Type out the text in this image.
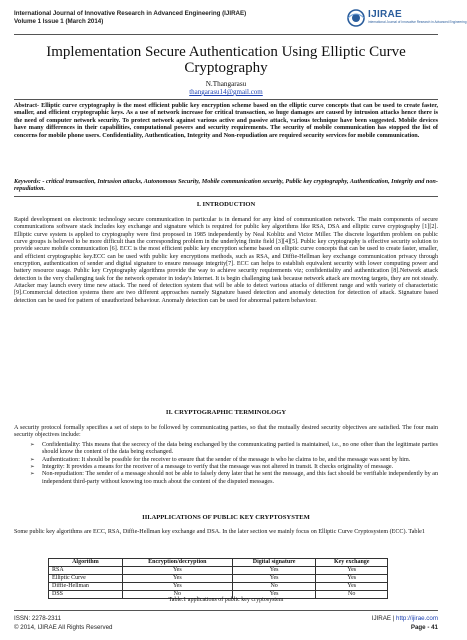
International Journal of Innovative Research in Advanced Engineering (IJIRAE)
Volume 1 Issue 1 (March 2014)
IJIRAE
International Journal of Innovative Research in Advanced Engineering
Implementation Secure Authentication Using Elliptic Curve Cryptography
N.Thangarasu
thangarasu14@gmail.com

Abstract- Elliptic curve cryptography is the most efficient public key encryption scheme based on the elliptic curve concepts that can be used to create faster, smaller, and efficient cryptographic keys. As a use of network increase for critical transaction, so huge damages are caused by intrusion attacks hence there is the need of computer network security. To protect network against various active and passive attack, various technique have been suggested. Mobile devices have many differences in their capabilities, computational powers and security requirements. The security of mobile communication has stopped the list of concerns for mobile phone users. Confidentiality, Authentication, Integrity and Non-repudiation are required security services for mobile communication.

Keywords: - critical transaction, Intrusion attacks, Autonomous Security, Mobile communication security, Public key cryptography, Authentication, Integrity and non-repudiation.

I. INTRODUCTION

Rapid development on electronic technology secure communication in particular is in demand for any kind of communication network. The main components of secure communications software stack includes key exchange and signature which is required for public key algorithms like RSA, DSA and elliptic curve cryptography [1][2]. Elliptic curve system is applied to cryptography were first proposed in 1985 independently by Neal Koblitz and Victor Miller. The discrete logarithm problem on public curve groups is believed to be more difficult than the corresponding problem in the underlying finite field [3][4][5]. Public key cryptography is effective security solution to provide secure mobile communication [6]. ECC is the most efficient public key encryption scheme based on elliptic curve concepts that can be used to create faster, smaller, and efficient cryptographic key.ECC can be used with public key encryptions methods, such as RSA, and Diffie-Hellman key exchange communication privacy through encryption, authentication of sender and digital signature to ensure message integrity[7]. ECC can helps to establish equivalent security with lower computing power and battery resource usage. Public key Cryptography algorithms provide the way to achieve security requirements viz; confidentiality and authentication [8].Network attack detection is the very challenging task for the network operator in today's Internet. It is begin challenging task because network attack are moving targets, they are not steady. Attacker may launch every time new attack. The need of detection system that will be able to detect various attacks of different range and with variety of characteristic [9].Commercial detection systems there are two different approaches namely Signature based detection and anomaly detection for detection of attack. Signature based detection can be used for pattern of unauthorized behaviour. Anomaly detection can be used for abnormal pattern behaviour.

II. CRYPTOGRAPHIC TERMINOLOGY

A security protocol formally specifies a set of steps to be followed by communicating parties, so that the mutually desired security objectives are satisfied. The four main security objectives include:

➢ Confidentiality: This means that the secrecy of the data being exchanged by the communicating partied is maintained, i.e., no one other than the legitimate parties should know the content of the data being exchanged.
➢ Authentication: It should be possible for the receiver to ensure that the sender of the message is who he claims to be, and the message was sent by him.
➢ Integrity: It provides a means for the receiver of a message to verify that the message was not altered in transit. It checks originality of message.
➢ Non-repudiation: The sender of a message should not be able to falsely deny later that he sent the message, and this fact should be verifiable independently by an independent third-party without knowing too much about the content of the disputed messages.
III.APPLICATIONS OF PUBLIC KEY CRYPTOSYSTEM

Some public key algorithms are ECC, RSA, Diffie-Hellman key exchange and DSA. In the later section we mainly focus on Elliptic Curve Cryptosystem (ECC). Table1

Algorithm	Encryption/decryption	Digital signature	Key exchange
RSA	Yes	Yes	Yes
Elliptic Curve	Yes	Yes	Yes
Diffie-Hellman	Yes	No	Yes
DSS	No	Yes	No
Table.1 applications of public key cryptosystem
ISSN: 2278-2311
© 2014, IJIRAE All Rights Reserved
IJIRAE | http://ijirae.com
Page - 41
